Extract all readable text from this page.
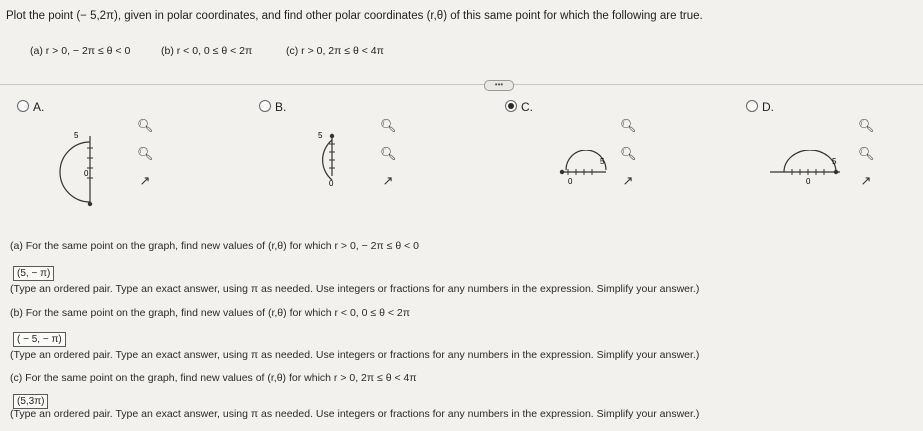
Plot the point (− 5,2π), given in polar coordinates, and find other polar coordinates (r,θ) of this same point for which the following are true.
(a) r > 0, − 2π ≤ θ < 0	(b) r < 0, 0 ≤ θ < 2π	(c) r > 0, 2π ≤ θ < 4π
•••
A.
5
0
🔍︎
🔍︎
↗
B.
5
0
🔍︎
🔍︎
↗
C.
5
0
🔍︎
🔍︎
↗
D.
5
0
🔍︎
🔍︎
↗
(a) For the same point on the graph, find new values of (r,θ) for which r > 0, − 2π ≤ θ < 0
(5, − π)
(Type an ordered pair. Type an exact answer, using π as needed. Use integers or fractions for any numbers in the expression. Simplify your answer.)
(b) For the same point on the graph, find new values of (r,θ) for which r < 0, 0 ≤ θ < 2π
( − 5, − π)
(Type an ordered pair. Type an exact answer, using π as needed. Use integers or fractions for any numbers in the expression. Simplify your answer.)
(c) For the same point on the graph, find new values of (r,θ) for which r > 0, 2π ≤ θ < 4π
(5,3π)
(Type an ordered pair. Type an exact answer, using π as needed. Use integers or fractions for any numbers in the expression. Simplify your answer.)
